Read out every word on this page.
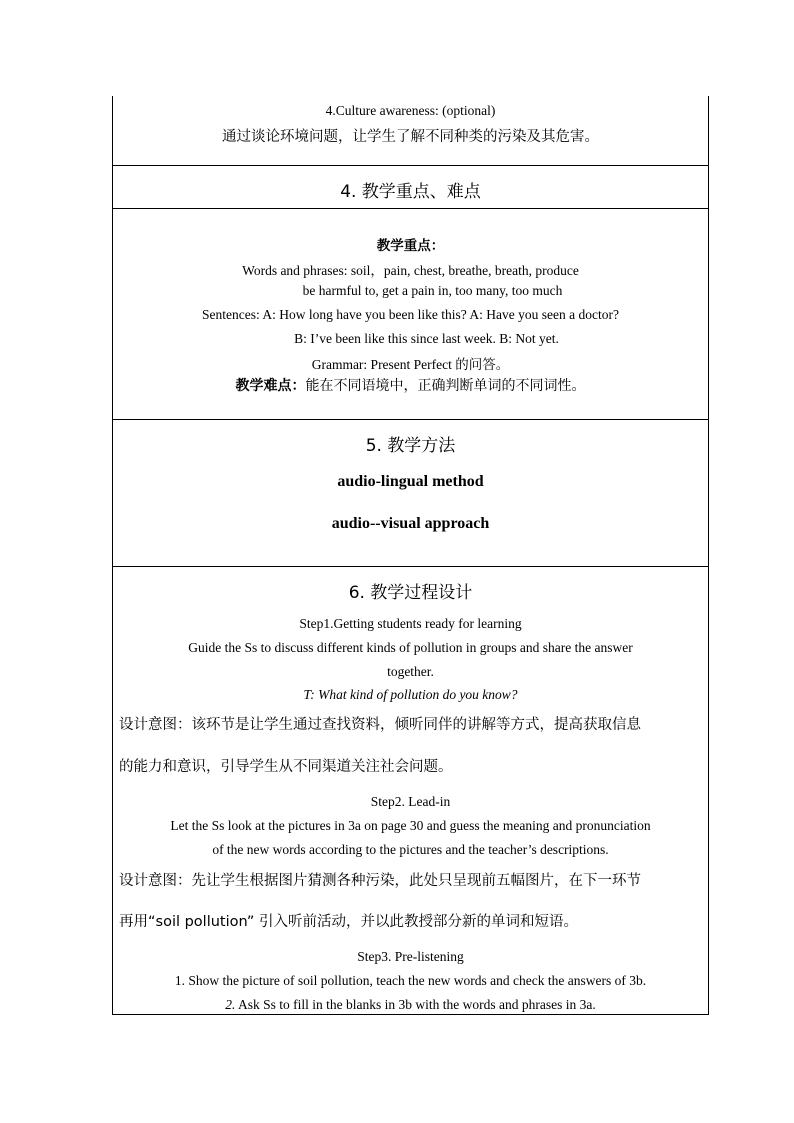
4.Culture awareness: (optional)
通过谈论环境问题，让学生了解不同种类的污染及其危害。
4. 教学重点、难点
教学重点：
Words and phrases: soil，pain, chest, breathe, breath, produce
be harmful to, get a pain in, too many, too much
Sentences: A: How long have you been like this? A: Have you seen a doctor?
B: I’ve been like this since last week. B: Not yet.
Grammar: Present Perfect 的问答。
教学难点：能在不同语境中，正确判断单词的不同词性。
5. 教学方法
audio-lingual method
audio--visual approach
6. 教学过程设计
Step1.Getting students ready for learning
Guide the Ss to discuss different kinds of pollution in groups and share the answer
together.
T: What kind of pollution do you know?
设计意图：该环节是让学生通过查找资料，倾听同伴的讲解等方式，提高获取信息
的能力和意识，引导学生从不同渠道关注社会问题。
Step2. Lead-in
Let the Ss look at the pictures in 3a on page 30 and guess the meaning and pronunciation
of the new words according to the pictures and the teacher’s descriptions.
设计意图：先让学生根据图片猜测各种污染，此处只呈现前五幅图片，在下一环节
再用“soil pollution” 引入听前活动，并以此教授部分新的单词和短语。
Step3. Pre-listening
1. Show the picture of soil pollution, teach the new words and check the answers of 3b.
2. Ask Ss to fill in the blanks in 3b with the words and phrases in 3a.
